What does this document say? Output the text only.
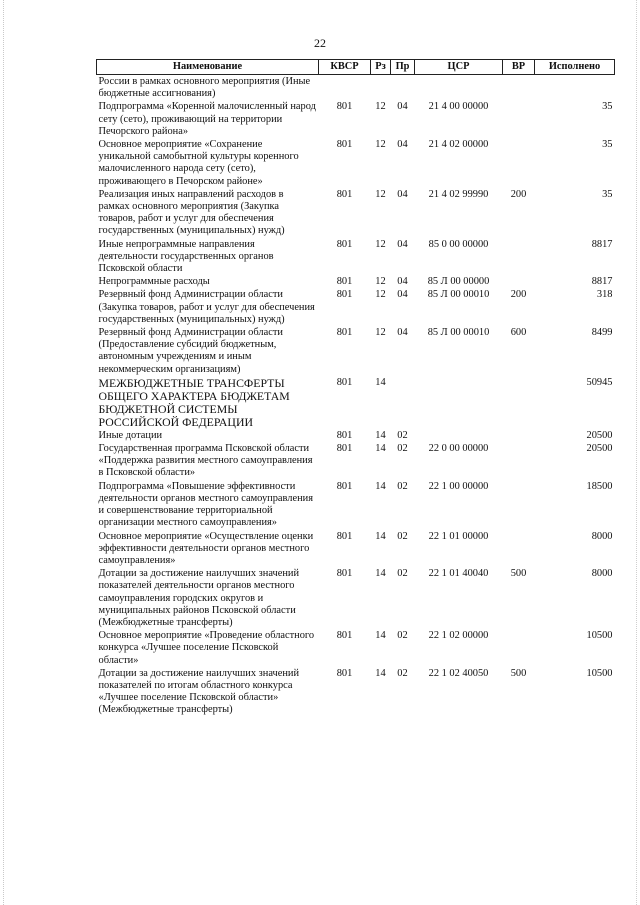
22
Наименование	КВСР	Рз	Пр	ЦСР	ВР	Исполнено
России в рамках основного мероприятия (Иные бюджетные ассигнования)						
Подпрограмма «Коренной малочисленный народ сету (сето), проживающий на территории Печорского района»	801	12	04	21 4 00 00000		35
Основное мероприятие «Сохранение уникальной самобытной культуры коренного малочисленного народа сету (сето), проживающего в Печорском районе»	801	12	04	21 4 02 00000		35
Реализация иных направлений расходов в рамках основного мероприятия (Закупка товаров, работ и услуг для обеспечения государственных (муниципальных) нужд)	801	12	04	21 4 02 99990	200	35
Иные непрограммные направления деятельности государственных органов Псковской области	801	12	04	85 0 00 00000		8817
Непрограммные расходы	801	12	04	85 Л 00 00000		8817
Резервный фонд Администрации области (Закупка товаров, работ и услуг для обеспечения государственных (муниципальных) нужд)	801	12	04	85 Л 00 00010	200	318
Резервный фонд Администрации области (Предоставление субсидий бюджетным, автономным учреждениям и иным некоммерческим организациям)	801	12	04	85 Л 00 00010	600	8499
МЕЖБЮДЖЕТНЫЕ ТРАНСФЕРТЫ ОБЩЕГО ХАРАКТЕРА БЮДЖЕТАМ БЮДЖЕТНОЙ СИСТЕМЫ РОССИЙСКОЙ ФЕДЕРАЦИИ	801	14				50945
Иные дотации	801	14	02			20500
Государственная программа Псковской области «Поддержка развития местного самоуправления в Псковской области»	801	14	02	22 0 00 00000		20500
Подпрограмма «Повышение эффективности деятельности органов местного самоуправления и совершенствование территориальной организации местного самоуправления»	801	14	02	22 1 00 00000		18500
Основное мероприятие «Осуществление оценки эффективности деятельности органов местного самоуправления»	801	14	02	22 1 01 00000		8000
Дотации за достижение наилучших значений показателей деятельности органов местного самоуправления городских округов и муниципальных районов Псковской области (Межбюджетные трансферты)	801	14	02	22 1 01 40040	500	8000
Основное мероприятие «Проведение областного конкурса «Лучшее поселение Псковской области»	801	14	02	22 1 02 00000		10500
Дотации за достижение наилучших значений показателей по итогам областного конкурса «Лучшее поселение Псковской области» (Межбюджетные трансферты)	801	14	02	22 1 02 40050	500	10500
